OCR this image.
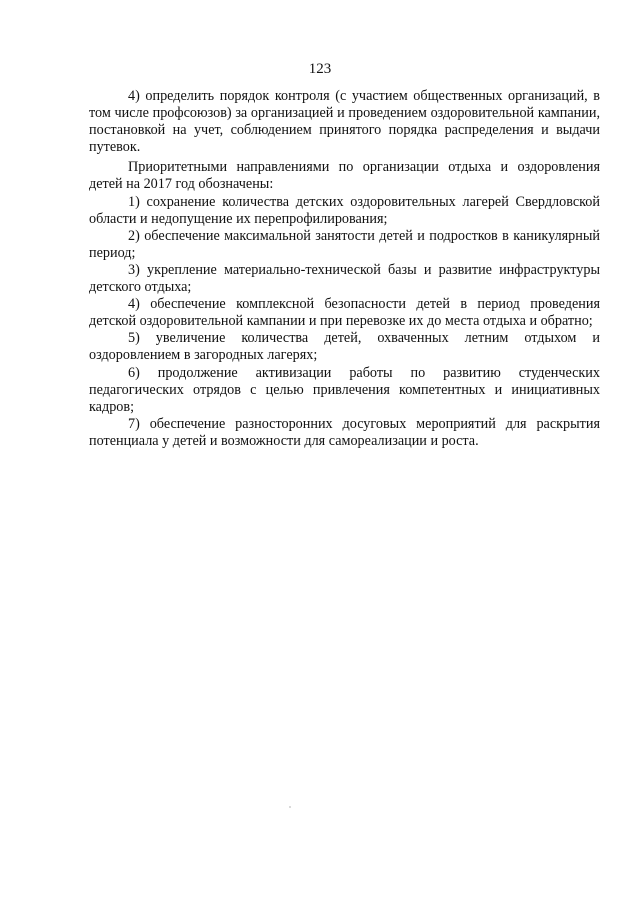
123

4) определить порядок контроля (с участием общественных организаций, в том числе профсоюзов) за организацией и проведением оздоровительной кампании, постановкой на учет, соблюдением принятого порядка распределения и выдачи путевок.

Приоритетными направлениями по организации отдыха и оздоровления детей на 2017 год обозначены:

1) сохранение количества детских оздоровительных лагерей Свердловской области и недопущение их перепрофилирования;

2) обеспечение максимальной занятости детей и подростков в каникулярный период;

3) укрепление материально-технической базы и развитие инфраструктуры детского отдыха;

4) обеспечение комплексной безопасности детей в период проведения детской оздоровительной кампании и при перевозке их до места отдыха и обратно;

5) увеличение количества детей, охваченных летним отдыхом и оздоровлением в загородных лагерях;

6) продолжение активизации работы по развитию студенческих педагогических отрядов с целью привлечения компетентных и инициативных кадров;

7) обеспечение разносторонних досуговых мероприятий для раскрытия потенциала у детей и возможности для самореализации и роста.
